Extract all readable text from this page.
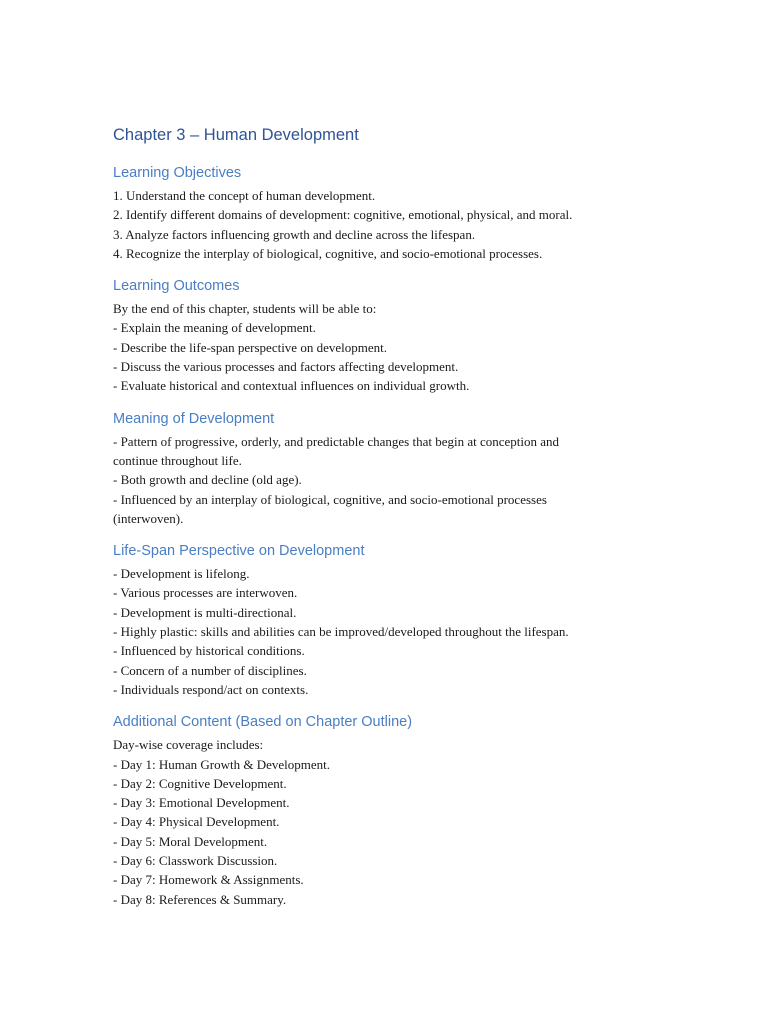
Chapter 3 – Human Development
Learning Objectives

1. Understand the concept of human development.

2. Identify different domains of development: cognitive, emotional, physical, and moral.

3. Analyze factors influencing growth and decline across the lifespan.

4. Recognize the interplay of biological, cognitive, and socio-emotional processes.

Learning Outcomes

By the end of this chapter, students will be able to:

- Explain the meaning of development.

- Describe the life-span perspective on development.

- Discuss the various processes and factors affecting development.

- Evaluate historical and contextual influences on individual growth.

Meaning of Development

- Pattern of progressive, orderly, and predictable changes that begin at conception and

continue throughout life.

- Both growth and decline (old age).

- Influenced by an interplay of biological, cognitive, and socio-emotional processes

(interwoven).

Life-Span Perspective on Development

- Development is lifelong.

- Various processes are interwoven.

- Development is multi-directional.

- Highly plastic: skills and abilities can be improved/developed throughout the lifespan.

- Influenced by historical conditions.

- Concern of a number of disciplines.

- Individuals respond/act on contexts.

Additional Content (Based on Chapter Outline)

Day-wise coverage includes:

- Day 1: Human Growth & Development.

- Day 2: Cognitive Development.

- Day 3: Emotional Development.

- Day 4: Physical Development.

- Day 5: Moral Development.

- Day 6: Classwork Discussion.

- Day 7: Homework & Assignments.

- Day 8: References & Summary.
